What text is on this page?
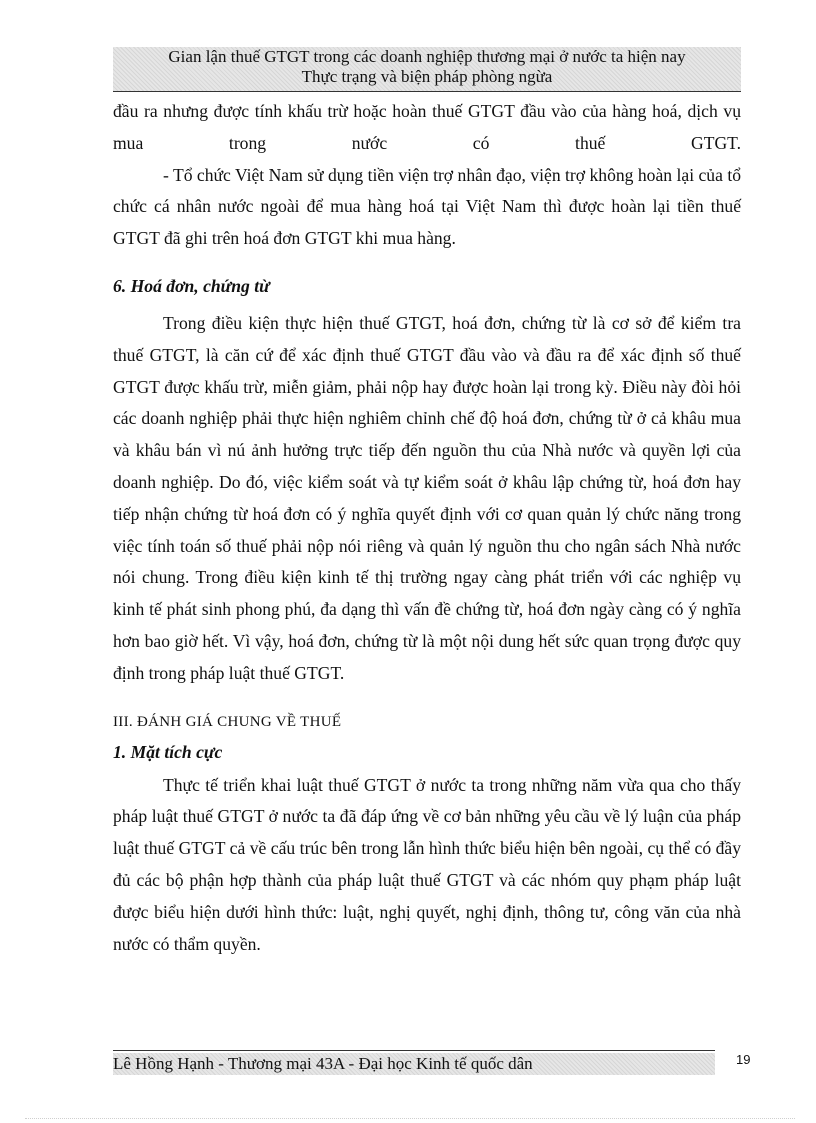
Gian lận thuế GTGT trong các doanh nghiệp thương mại ở nước ta hiện nay
Thực trạng và biện pháp phòng ngừa

đầu ra nhưng được tính khấu trừ hoặc hoàn thuế GTGT đầu vào của hàng hoá, dịch vụ mua trong nước có thuế GTGT.

- Tổ chức Việt Nam sử dụng tiền viện trợ nhân đạo, viện trợ không hoàn lại của tổ chức cá nhân nước ngoài để mua hàng hoá tại Việt Nam thì được hoàn lại tiền thuế GTGT đã ghi trên hoá đơn GTGT khi mua hàng.

6. Hoá đơn, chứng từ

Trong điều kiện thực hiện thuế GTGT, hoá đơn, chứng từ là cơ sở để kiểm tra thuế GTGT, là căn cứ để xác định thuế GTGT đầu vào và đầu ra để xác định số thuế GTGT được khấu trừ, miễn giảm, phải nộp hay được hoàn lại trong kỳ. Điều này đòi hỏi các doanh nghiệp phải thực hiện nghiêm chỉnh chế độ hoá đơn, chứng từ ở cả khâu mua và khâu bán vì nú ảnh hưởng trực tiếp đến nguồn thu của Nhà nước và quyền lợi của doanh nghiệp. Do đó, việc kiểm soát và tự kiểm soát ở khâu lập chứng từ, hoá đơn hay tiếp nhận chứng từ hoá đơn có ý nghĩa quyết định với cơ quan quản lý chức năng trong việc tính toán số thuế phải nộp nói riêng và quản lý nguồn thu cho ngân sách Nhà nước nói chung. Trong điều kiện kinh tế thị trường ngay càng phát triển với các nghiệp vụ kinh tế phát sinh phong phú, đa dạng thì vấn đề chứng từ, hoá đơn ngày càng có ý nghĩa hơn bao giờ hết. Vì vậy, hoá đơn, chứng từ là một nội dung hết sức quan trọng được quy định trong pháp luật thuế GTGT.

III. ĐÁNH GIÁ CHUNG VỀ THUẾ
1. Mặt tích cực

Thực tế triển khai luật thuế GTGT ở nước ta trong những năm vừa qua cho thấy pháp luật thuế GTGT ở nước ta đã đáp ứng về cơ bản những yêu cầu về lý luận của pháp luật thuế GTGT cả về cấu trúc bên trong lẫn hình thức biểu hiện bên ngoài, cụ thể có đầy đủ các bộ phận hợp thành của pháp luật thuế GTGT và các nhóm quy phạm pháp luật được biểu hiện dưới hình thức: luật, nghị quyết, nghị định, thông tư, công văn của nhà nước có thẩm quyền.

Lê Hồng Hạnh - Thương mại 43A - Đại học Kinh tế quốc dân	19
